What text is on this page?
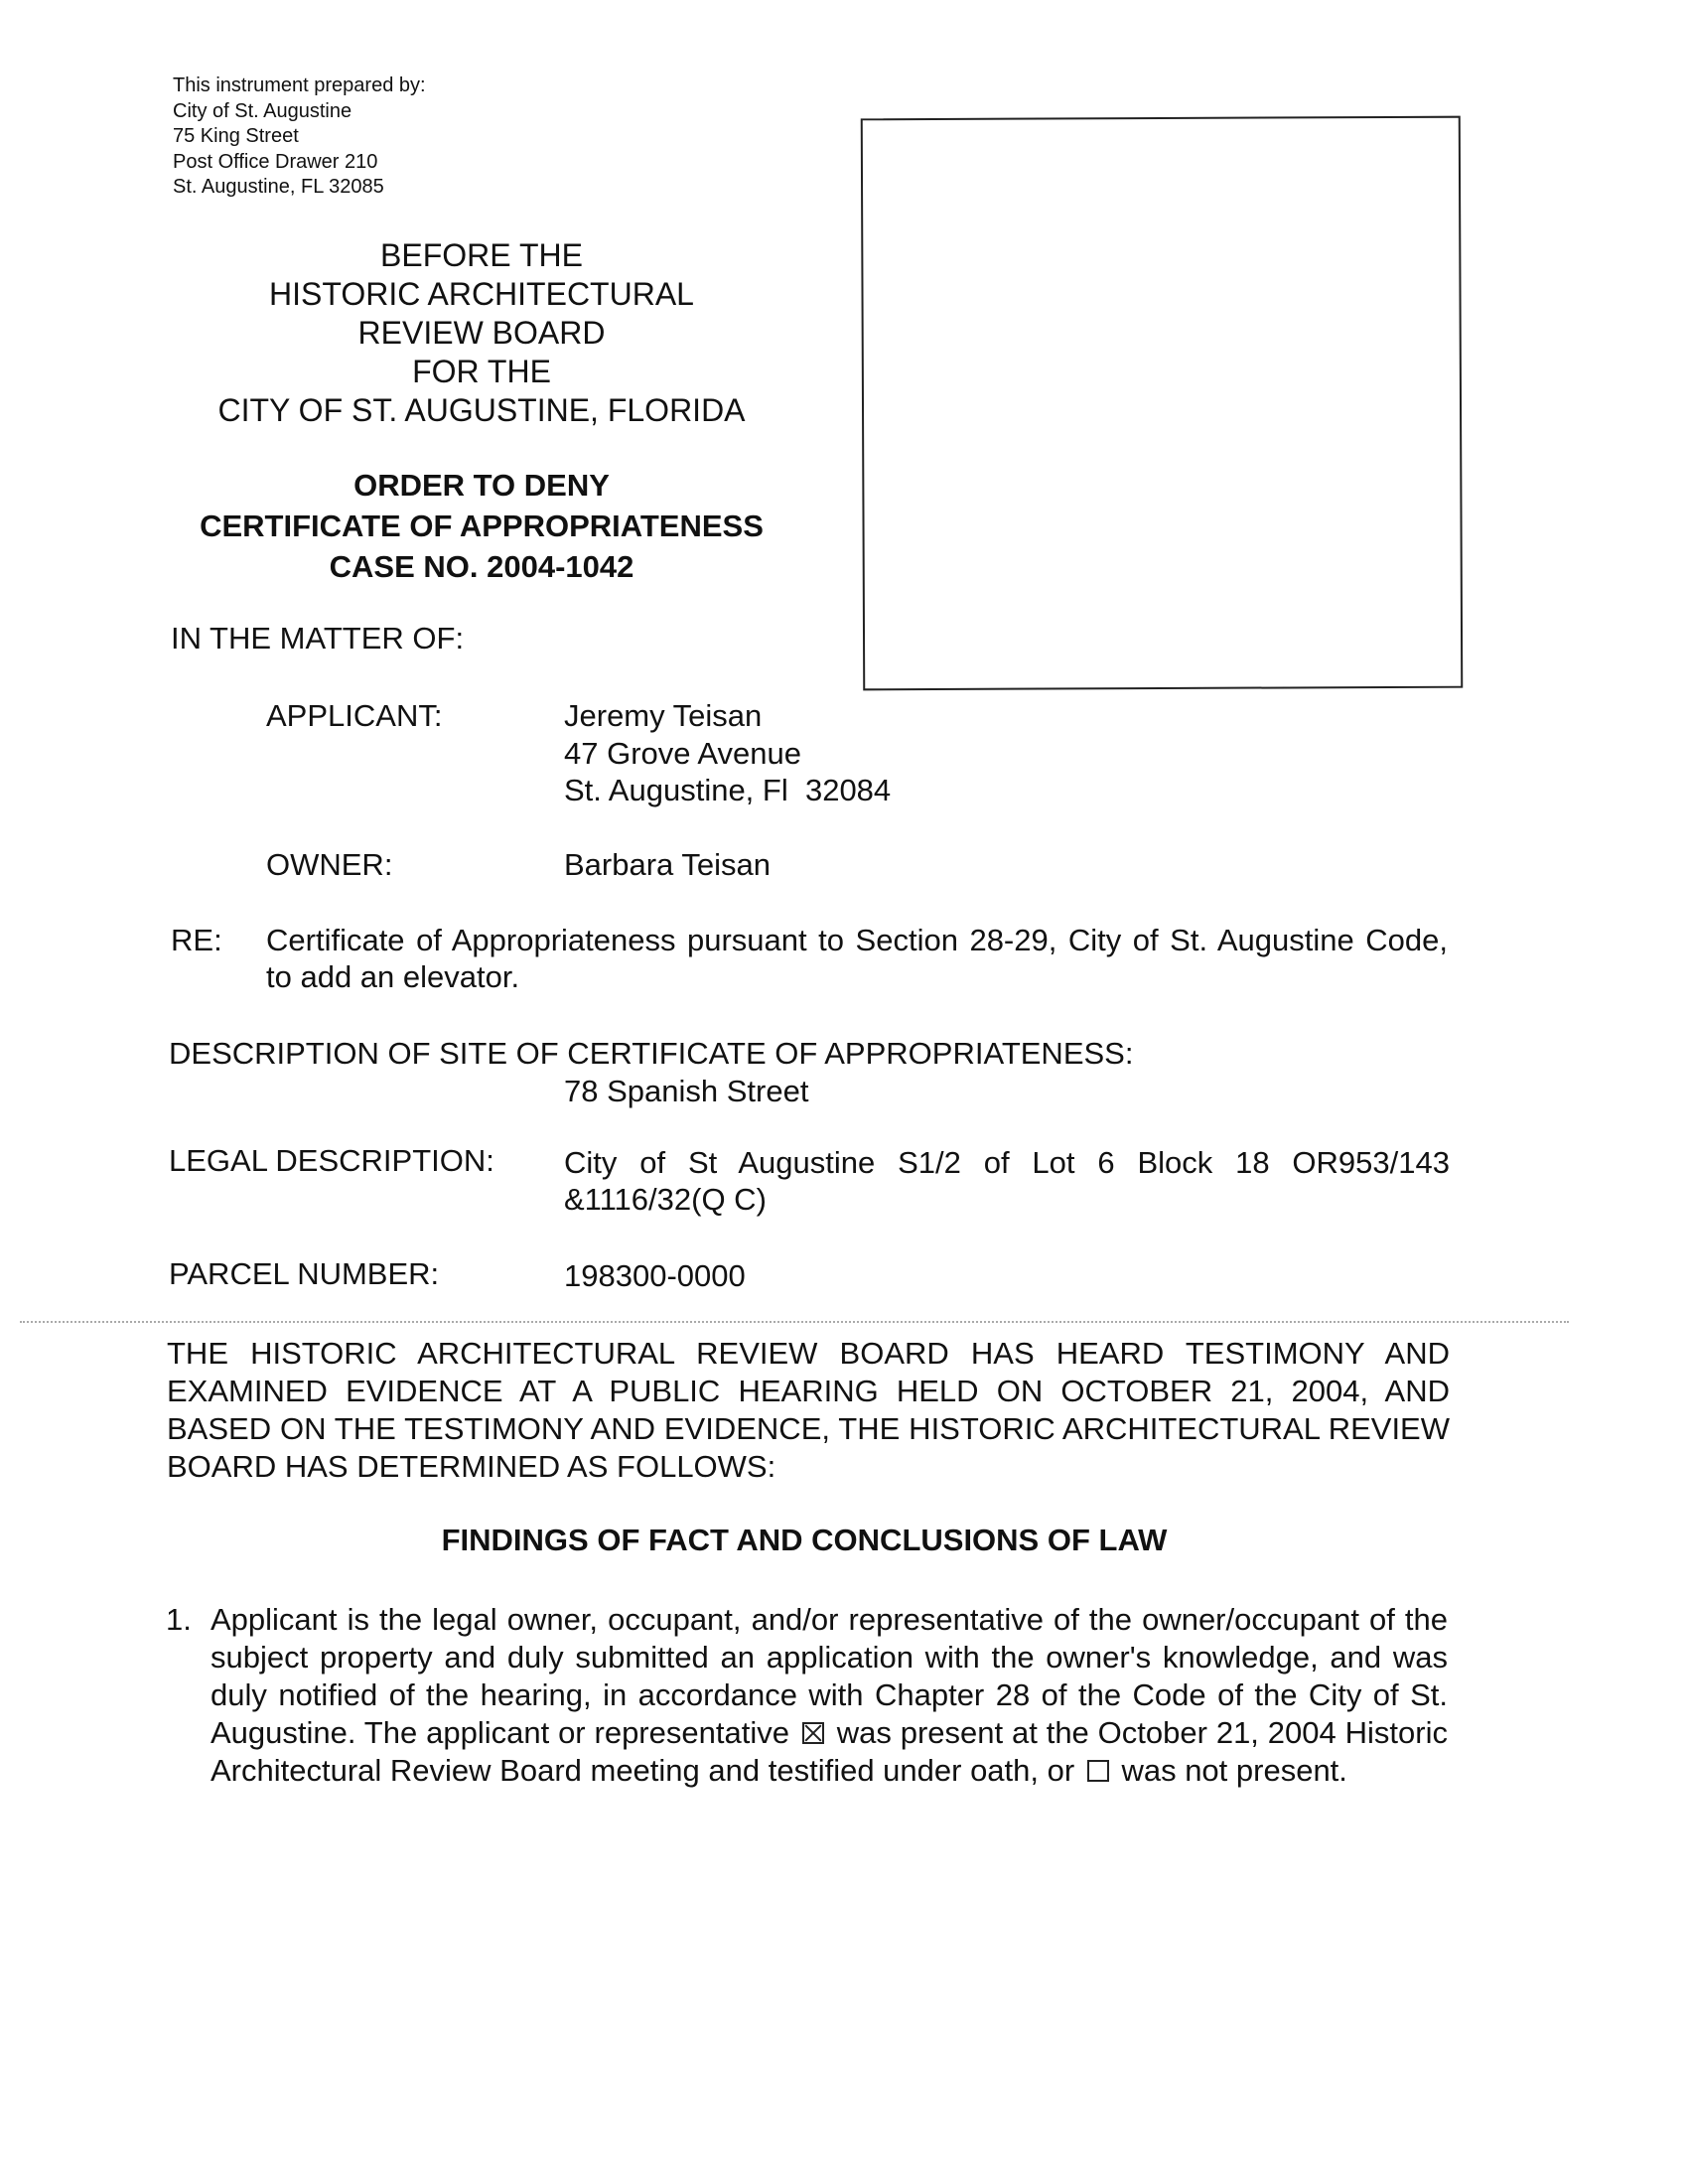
This instrument prepared by:
City of St. Augustine
75 King Street
Post Office Drawer 210
St. Augustine, FL 32085
BEFORE THE
HISTORIC ARCHITECTURAL
REVIEW BOARD
FOR THE
CITY OF ST. AUGUSTINE, FLORIDA
ORDER TO DENY
CERTIFICATE OF APPROPRIATENESS
CASE NO. 2004-1042
IN THE MATTER OF:
APPLICANT:	Jeremy Teisan
47 Grove Avenue
St. Augustine, Fl  32084
OWNER:	Barbara Teisan
RE: Certificate of Appropriateness pursuant to Section 28-29, City of St. Augustine Code, to add an elevator.
DESCRIPTION OF SITE OF CERTIFICATE OF APPROPRIATENESS:
78 Spanish Street
LEGAL DESCRIPTION: City of St Augustine S1/2 of Lot 6 Block 18 OR953/143 &1116/32(Q C)
PARCEL NUMBER:	198300-0000
THE HISTORIC ARCHITECTURAL REVIEW BOARD HAS HEARD TESTIMONY AND EXAMINED EVIDENCE AT A PUBLIC HEARING HELD ON OCTOBER 21, 2004, AND BASED ON THE TESTIMONY AND EVIDENCE, THE HISTORIC ARCHITECTURAL REVIEW BOARD HAS DETERMINED AS FOLLOWS:
FINDINGS OF FACT AND CONCLUSIONS OF LAW
1. Applicant is the legal owner, occupant, and/or representative of the owner/occupant of the subject property and duly submitted an application with the owner's knowledge, and was duly notified of the hearing, in accordance with Chapter 28 of the Code of the City of St. Augustine. The applicant or representative was present at the October 21, 2004 Historic Architectural Review Board meeting and testified under oath, or was not present.
